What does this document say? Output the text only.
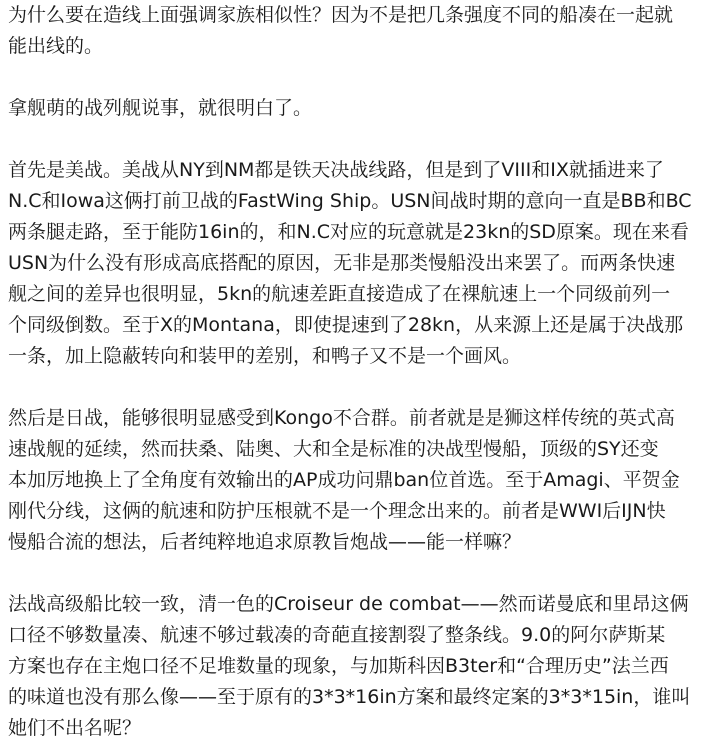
为什么要在造线上面强调家族相似性？因为不是把几条强度不同的船凑在一起就
能出线的。

拿舰萌的战列舰说事，就很明白了。

首先是美战。美战从NY到NM都是铁天决战线路，但是到了VIII和IX就插进来了
N.C和Iowa这俩打前卫战的FastWing Ship。USN间战时期的意向一直是BB和BC
两条腿走路，至于能防16in的，和N.C对应的玩意就是23kn的SD原案。现在来看
USN为什么没有形成高底搭配的原因，无非是那类慢船没出来罢了。而两条快速
舰之间的差异也很明显，5kn的航速差距直接造成了在裸航速上一个同级前列一
个同级倒数。至于X的Montana，即使提速到了28kn，从来源上还是属于决战那
一条，加上隐蔽转向和装甲的差别，和鸭子又不是一个画风。

然后是日战，能够很明显感受到Kongo不合群。前者就是是狮这样传统的英式高
速战舰的延续，然而扶桑、陆奥、大和全是标准的决战型慢船，顶级的SY还变
本加厉地换上了全角度有效输出的AP成功问鼎ban位首选。至于Amagi、平贺金
刚代分线，这俩的航速和防护压根就不是一个理念出来的。前者是WWI后IJN快
慢船合流的想法，后者纯粹地追求原教旨炮战——能一样嘛？

法战高级船比较一致，清一色的Croiseur de combat——然而诺曼底和里昂这俩
口径不够数量凑、航速不够过载凑的奇葩直接割裂了整条线。9.0的阿尔萨斯某
方案也存在主炮口径不足堆数量的现象，与加斯科因B3ter和“合理历史”法兰西
的味道也没有那么像——至于原有的3*3*16in方案和最终定案的3*3*15in，谁叫
她们不出名呢？
